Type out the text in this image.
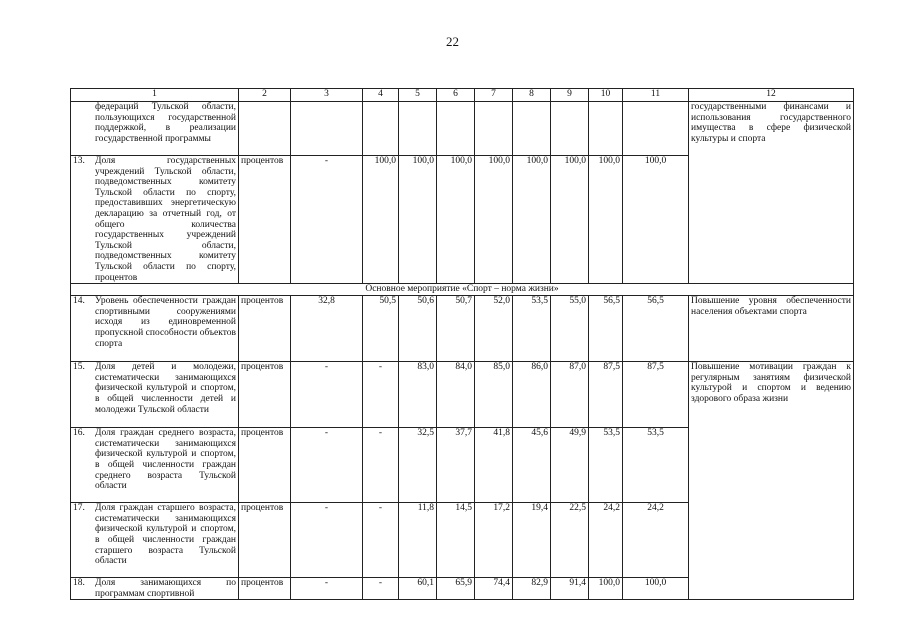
22
1	2	3	4	5	6	7	8	9	10	11	12

федераций Тульской области, пользующихся государственной поддержкой, в реализации государственной программы											государственными финансами и использования государственного имущества в сфере физической культуры и спорта

13. Доля государственных учреждений Тульской области, подведомственных комитету Тульской области по спорту, предоставивших энергетическую декларацию за отчетный год, от общего количества государственных учреждений Тульской области, подведомственных комитету Тульской области по спорту, процентов	процентов	-	100,0	100,0	100,0	100,0	100,0	100,0	100,0	100,0	
Основное мероприятие «Спорт – норма жизни»											

14. Уровень обеспеченности граждан спортивными сооружениями исходя из единовременной пропускной способности объектов спорта	процентов	32,8	50,5	50,6	50,7	52,0	53,5	55,0	56,5	56,5	Повышение уровня обеспеченности населения объектами спорта

15. Доля детей и молодежи, систематически занимающихся физической культурой и спортом, в общей численности детей и молодежи Тульской области	процентов	-	-	83,0	84,0	85,0	86,0	87,0	87,5	87,5	Повышение мотивации граждан к регулярным занятиям физической культурой и спортом и ведению здорового образа жизни

16. Доля граждан среднего возраста, систематически занимающихся физической культурой и спортом, в общей численности граждан среднего возраста Тульской области	процентов	-	-	32,5	37,7	41,8	45,6	49,9	53,5	53,5	

17. Доля граждан старшего возраста, систематически занимающихся физической культурой и спортом, в общей численности граждан старшего возраста Тульской области	процентов	-	-	11,8	14,5	17,2	19,4	22,5	24,2	24,2	

18. Доля занимающихся по программам спортивной	процентов	-	-	60,1	65,9	74,4	82,9	91,4	100,0	100,0	
